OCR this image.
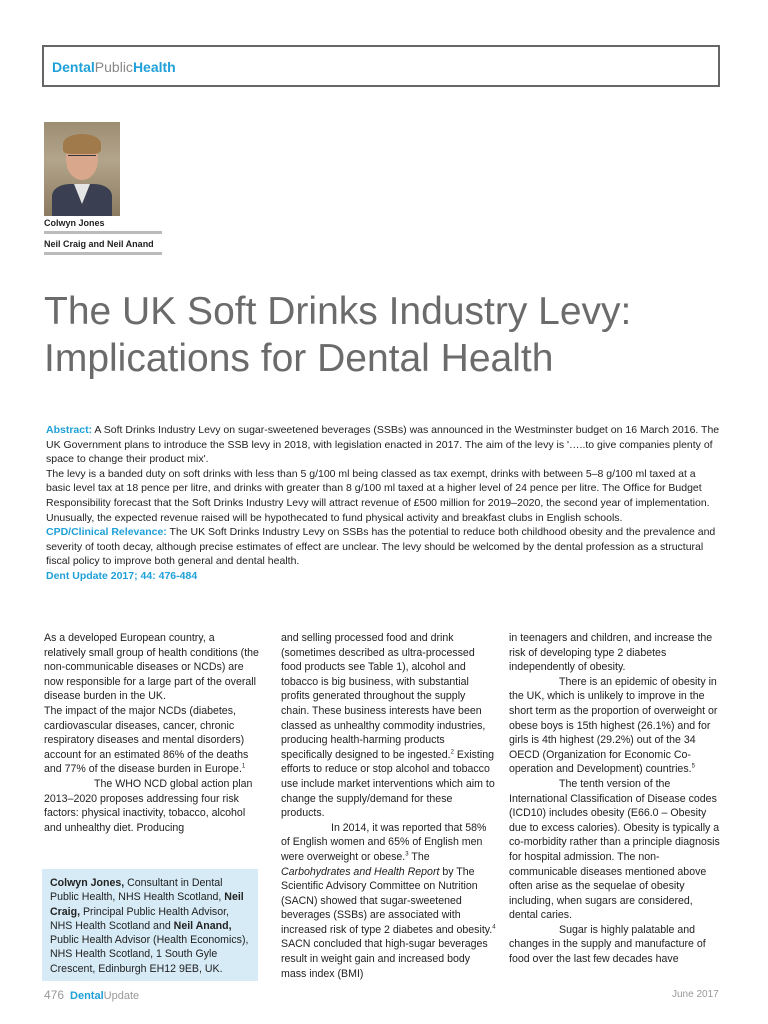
DentalPublicHealth
Colwyn Jones
Neil Craig and Neil Anand
The UK Soft Drinks Industry Levy:
Implications for Dental Health

Abstract: A Soft Drinks Industry Levy on sugar-sweetened beverages (SSBs) was announced in the Westminster budget on 16 March 2016. The UK Government plans to introduce the SSB levy in 2018, with legislation enacted in 2017. The aim of the levy is '…..to give companies plenty of space to change their product mix'.

The levy is a banded duty on soft drinks with less than 5 g/100 ml being classed as tax exempt, drinks with between 5–8 g/100 ml taxed at a basic level tax at 18 pence per litre, and drinks with greater than 8 g/100 ml taxed at a higher level of 24 pence per litre. The Office for Budget Responsibility forecast that the Soft Drinks Industry Levy will attract revenue of £500 million for 2019–2020, the second year of implementation. Unusually, the expected revenue raised will be hypothecated to fund physical activity and breakfast clubs in English schools.

CPD/Clinical Relevance: The UK Soft Drinks Industry Levy on SSBs has the potential to reduce both childhood obesity and the prevalence and severity of tooth decay, although precise estimates of effect are unclear. The levy should be welcomed by the dental profession as a structural fiscal policy to improve both general and dental health.

Dent Update 2017; 44: 476-484

As a developed European country, a relatively small group of health conditions (the non-communicable diseases or NCDs) are now responsible for a large part of the overall disease burden in the UK.

The impact of the major NCDs (diabetes, cardiovascular diseases, cancer, chronic respiratory diseases and mental disorders) account for an estimated 86% of the deaths and 77% of the disease burden in Europe.$^1$

The WHO NCD global action plan 2013–2020 proposes addressing four risk factors: physical inactivity, tobacco, alcohol and unhealthy diet. Producing

and selling processed food and drink (sometimes described as ultra-processed food products see Table 1), alcohol and tobacco is big business, with substantial profits generated throughout the supply chain. These business interests have been classed as unhealthy commodity industries, producing health-harming products specifically designed to be ingested.$^2$ Existing efforts to reduce or stop alcohol and tobacco use include market interventions which aim to change the supply/demand for these products.

In 2014, it was reported that 58% of English women and 65% of English men were overweight or obese.$^3$ The Carbohydrates and Health Report by The Scientific Advisory Committee on Nutrition (SACN) showed that sugar-sweetened beverages (SSBs) are associated with increased risk of type 2 diabetes and obesity.$^4$ SACN concluded that high-sugar beverages result in weight gain and increased body mass index (BMI)

in teenagers and children, and increase the risk of developing type 2 diabetes independently of obesity.

There is an epidemic of obesity in the UK, which is unlikely to improve in the short term as the proportion of overweight or obese boys is 15th highest (26.1%) and for girls is 4th highest (29.2%) out of the 34 OECD (Organization for Economic Co-operation and Development) countries.$^5$

The tenth version of the International Classification of Disease codes (ICD10) includes obesity (E66.0 – Obesity due to excess calories). Obesity is typically a co-morbidity rather than a principle diagnosis for hospital admission. The non-communicable diseases mentioned above often arise as the sequelae of obesity including, when sugars are considered, dental caries.

Sugar is highly palatable and changes in the supply and manufacture of food over the last few decades have

Colwyn Jones, Consultant in Dental Public Health, NHS Health Scotland, Neil Craig, Principal Public Health Advisor, NHS Health Scotland and Neil Anand, Public Health Advisor (Health Economics), NHS Health Scotland, 1 South Gyle Crescent, Edinburgh EH12 9EB, UK.
476 DentalUpdate	June 2017
